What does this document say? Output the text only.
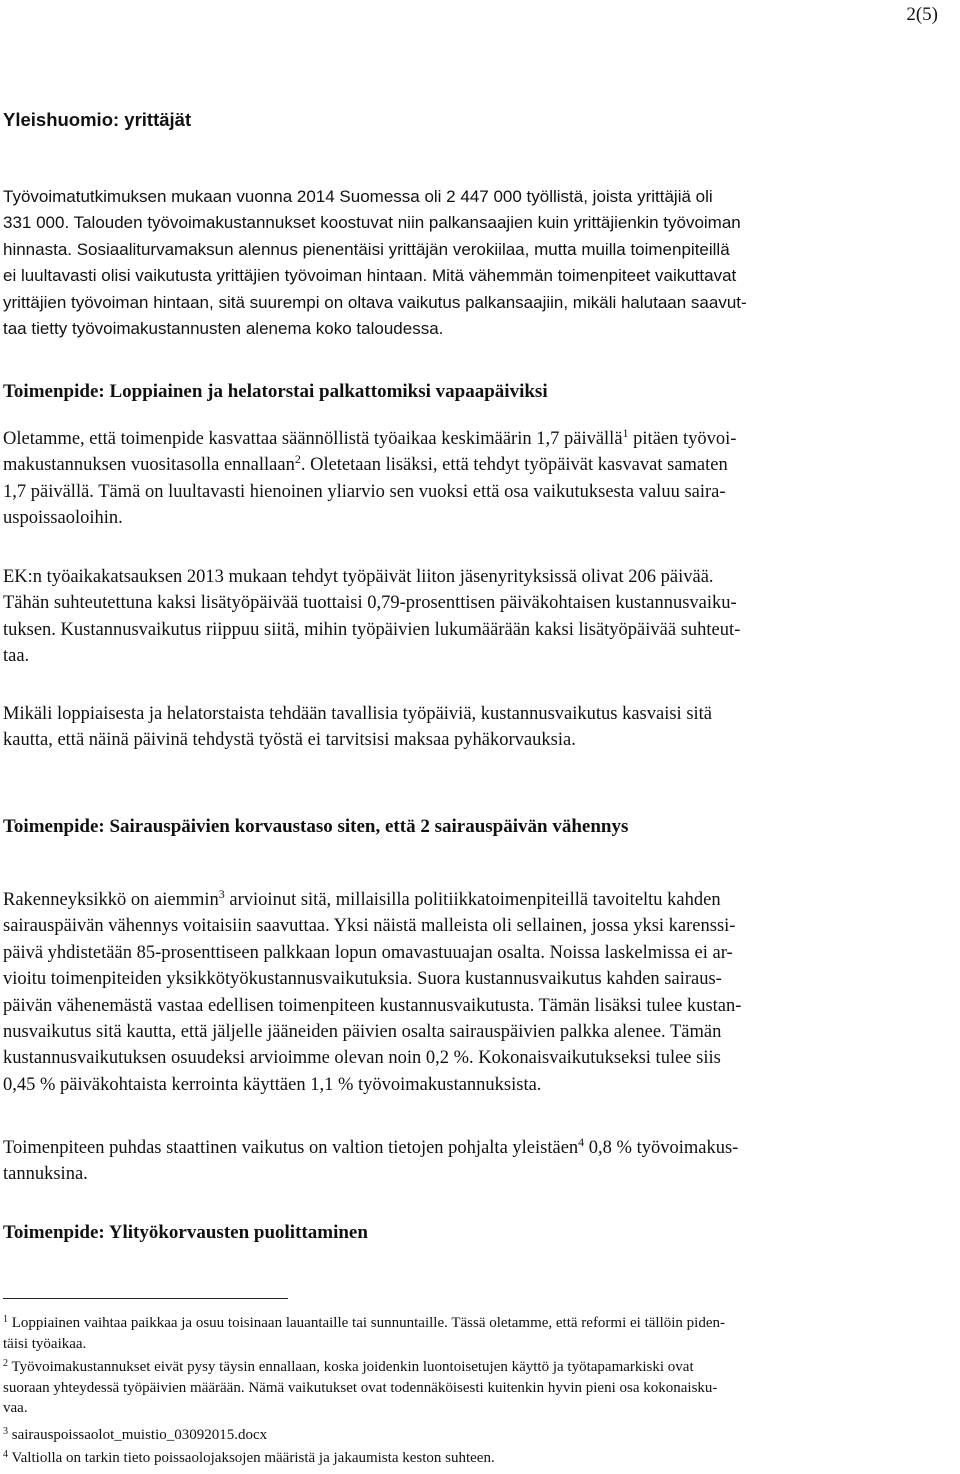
2(5)
Yleishuomio: yrittäjät
Työvoimatutkimuksen mukaan vuonna 2014 Suomessa oli 2 447 000 työllistä, joista yrittäjiä oli
331 000. Talouden työvoimakustannukset koostuvat niin palkansaajien kuin yrittäjienkin työvoiman
hinnasta. Sosiaaliturvamaksun alennus pienentäisi yrittäjän verokiilaa, mutta muilla toimenpiteillä
ei luultavasti olisi vaikutusta yrittäjien työvoiman hintaan. Mitä vähemmän toimenpiteet vaikuttavat
yrittäjien työvoiman hintaan, sitä suurempi on oltava vaikutus palkansaajiin, mikäli halutaan saavut-
taa tietty työvoimakustannusten alenema koko taloudessa.
Toimenpide: Loppiainen ja helatorstai palkattomiksi vapaapäiviksi
Oletamme, että toimenpide kasvattaa säännöllistä työaikaa keskimäärin 1,7 päivällä$^1$ pitäen työvoi-
makustannuksen vuositasolla ennallaan$^2$. Oletetaan lisäksi, että tehdyt työpäivät kasvavat samaten
1,7 päivällä. Tämä on luultavasti hienoinen yliarvio sen vuoksi että osa vaikutuksesta valuu saira-
uspoissaoloihin.
EK:n työaikakatsauksen 2013 mukaan tehdyt työpäivät liiton jäsenyrityksissä olivat 206 päivää.
Tähän suhteutettuna kaksi lisätyöpäivää tuottaisi 0,79-prosenttisen päiväkohtaisen kustannusvaiku-
tuksen. Kustannusvaikutus riippuu siitä, mihin työpäivien lukumäärään kaksi lisätyöpäivää suhteut-
taa.
Mikäli loppiaisesta ja helatorstaista tehdään tavallisia työpäiviä, kustannusvaikutus kasvaisi sitä
kautta, että näinä päivinä tehdystä työstä ei tarvitsisi maksaa pyhäkorvauksia.
Toimenpide: Sairauspäivien korvaustaso siten, että 2 sairauspäivän vähennys
Rakenneyksikkö on aiemmin$^3$ arvioinut sitä, millaisilla politiikkatoimenpiteillä tavoiteltu kahden
sairauspäivän vähennys voitaisiin saavuttaa. Yksi näistä malleista oli sellainen, jossa yksi karenssi-
päivä yhdistetään 85-prosenttiseen palkkaan lopun omavastuuajan osalta. Noissa laskelmissa ei ar-
vioitu toimenpiteiden yksikkötyökustannusvaikutuksia. Suora kustannusvaikutus kahden sairaus-
päivän vähenemästä vastaa edellisen toimenpiteen kustannusvaikutusta. Tämän lisäksi tulee kustan-
nusvaikutus sitä kautta, että jäljelle jääneiden päivien osalta sairauspäivien palkka alenee. Tämän
kustannusvaikutuksen osuudeksi arvioimme olevan noin 0,2 %. Kokonaisvaikutukseksi tulee siis
0,45 % päiväkohtaista kerrointa käyttäen 1,1 % työvoimakustannuksista.
Toimenpiteen puhdas staattinen vaikutus on valtion tietojen pohjalta yleistäen$^4$ 0,8 % työvoimakus-
tannuksina.
Toimenpide: Ylityökorvausten puolittaminen
$^1$ Loppiainen vaihtaa paikkaa ja osuu toisinaan lauantaille tai sunnuntaille. Tässä oletamme, että reformi ei tällöin piden-
täisi työaikaa.
$^2$ Työvoimakustannukset eivät pysy täysin ennallaan, koska joidenkin luontoisetujen käyttö ja työtapamarkiski ovat
suoraan yhteydessä työpäivien määrään. Nämä vaikutukset ovat todennäköisesti kuitenkin hyvin pieni osa kokonaisku-
vaa.
$^3$ sairauspoissaolot_muistio_03092015.docx
$^4$ Valtiolla on tarkin tieto poissaolojaksojen määristä ja jakaumista keston suhteen.
